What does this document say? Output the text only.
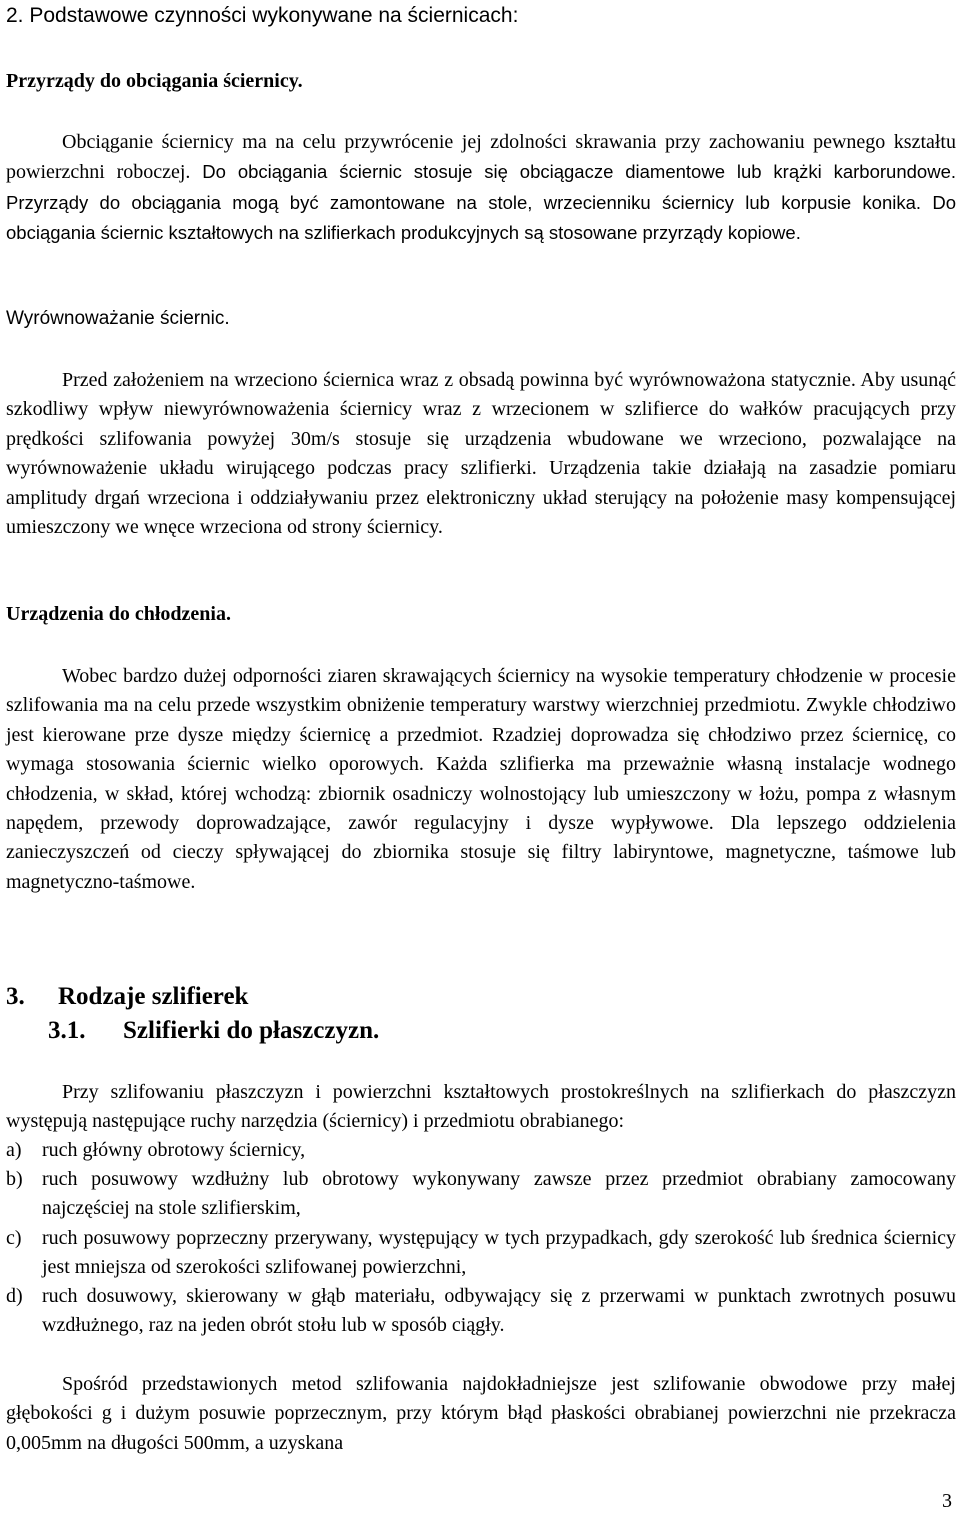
2. Podstawowe czynności wykonywane na ściernicach:
Przyrządy do obciągania ściernicy.

Obciąganie ściernicy ma na celu przywrócenie jej zdolności skrawania przy zachowaniu pewnego kształtu powierzchni roboczej. Do obciągania ściernic stosuje się obciągacze diamentowe lub krążki karborundowe. Przyrządy do obciągania mogą być zamontowane na stole, wrzecienniku ściernicy lub korpusie konika. Do obciągania ściernic kształtowych na szlifierkach produkcyjnych są stosowane przyrządy kopiowe.

Wyrównoważanie ściernic.

Przed założeniem na wrzeciono ściernica wraz z obsadą powinna być wyrównoważona statycznie. Aby usunąć szkodliwy wpływ niewyrównoważenia ściernicy wraz z wrzecionem w szlifierce do wałków pracujących przy prędkości szlifowania powyżej 30m/s stosuje się urządzenia wbudowane we wrzeciono, pozwalające na wyrównoważenie układu wirującego podczas pracy szlifierki. Urządzenia takie działają na zasadzie pomiaru amplitudy drgań wrzeciona i oddziaływaniu przez elektroniczny układ sterujący na położenie masy kompensującej umieszczony we wnęce wrzeciona od strony ściernicy.

Urządzenia do chłodzenia.

Wobec bardzo dużej odporności ziaren skrawających ściernicy na wysokie temperatury chłodzenie w procesie szlifowania ma na celu przede wszystkim obniżenie temperatury warstwy wierzchniej przedmiotu. Zwykle chłodziwo jest kierowane prze dysze między ściernicę a przedmiot. Rzadziej doprowadza się chłodziwo przez ściernicę, co wymaga stosowania ściernic wielko oporowych. Każda szlifierka ma przeważnie własną instalacje wodnego chłodzenia, w skład, której wchodzą: zbiornik osadniczy wolnostojący lub umieszczony w łożu, pompa z własnym napędem, przewody doprowadzające, zawór regulacyjny i dysze wypływowe. Dla lepszego oddzielenia zanieczyszczeń od cieczy spływającej do zbiornika stosuje się filtry labiryntowe, magnetyczne, taśmowe lub magnetyczno-taśmowe.

3. Rodzaje szlifierek
3.1. Szlifierki do płaszczyzn.

Przy szlifowaniu płaszczyzn i powierzchni kształtowych prostokreślnych na szlifierkach do płaszczyzn występują następujące ruchy narzędzia (ściernicy) i przedmiotu obrabianego:

a) ruch główny obrotowy ściernicy,
b) ruch posuwowy wzdłużny lub obrotowy wykonywany zawsze przez przedmiot obrabiany zamocowany najczęściej na stole szlifierskim,
c) ruch posuwowy poprzeczny przerywany, występujący w tych przypadkach, gdy szerokość lub średnica ściernicy jest mniejsza od szerokości szlifowanej powierzchni,
d) ruch dosuwowy, skierowany w głąb materiału, odbywający się z przerwami w punktach zwrotnych posuwu wzdłużnego, raz na jeden obrót stołu lub w sposób ciągły.

Spośród przedstawionych metod szlifowania najdokładniejsze jest szlifowanie obwodowe przy małej głębokości g i dużym posuwie poprzecznym, przy którym błąd płaskości obrabianej powierzchni nie przekracza 0,005mm na długości 500mm, a uzyskana

3
